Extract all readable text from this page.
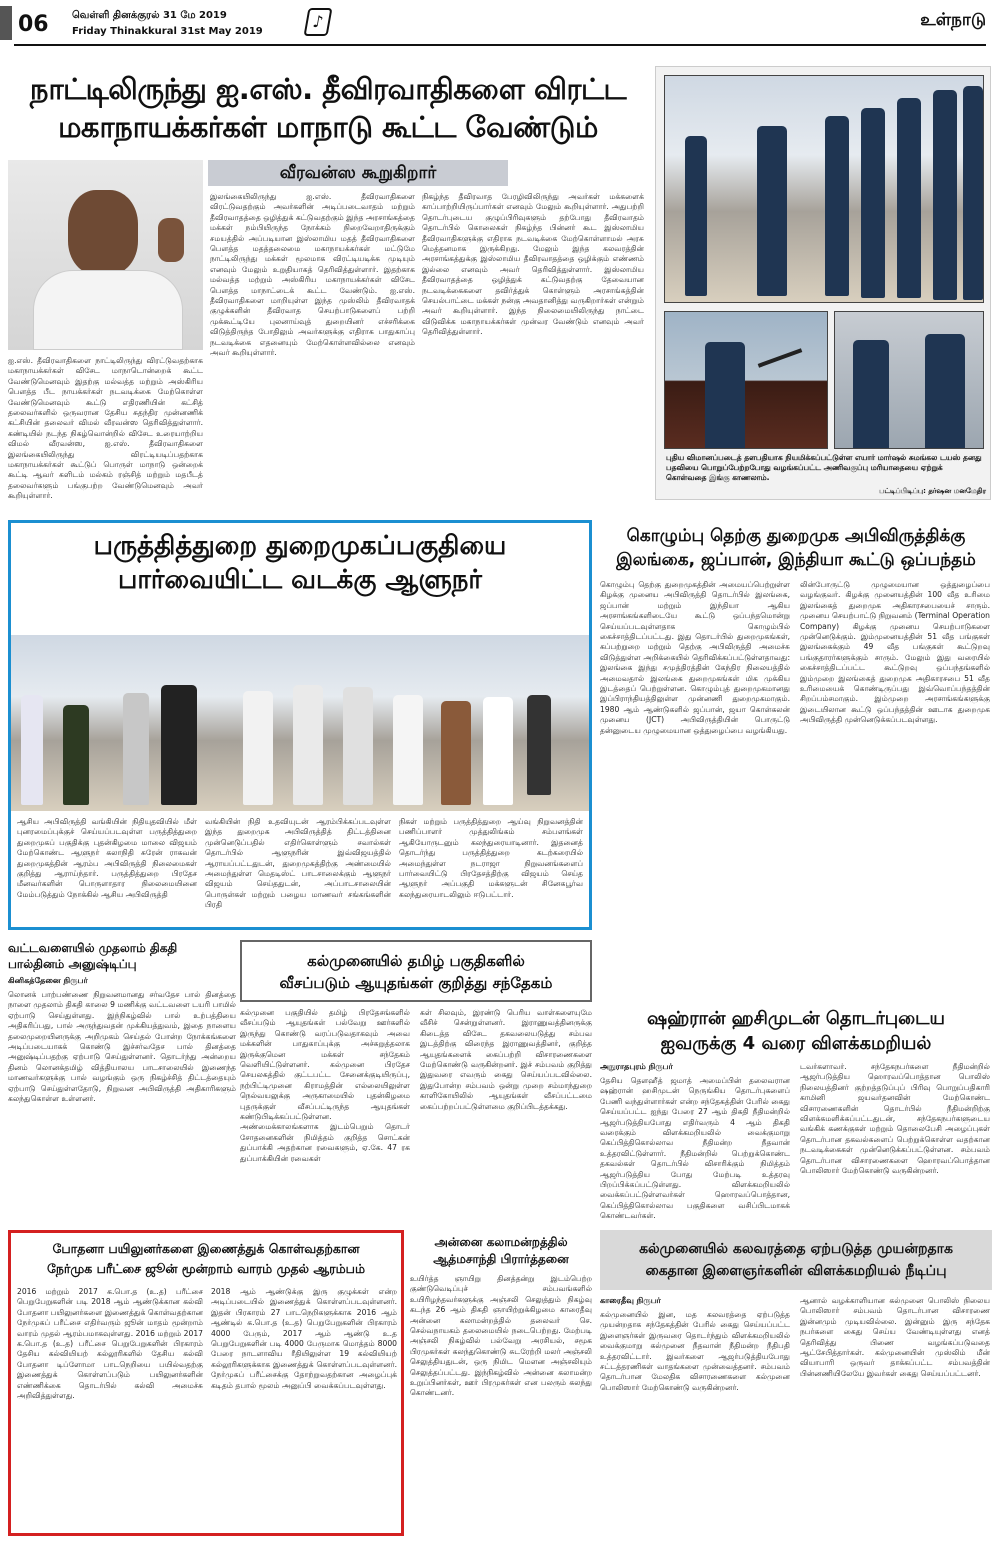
06 வெள்ளி தினக்குரல் 31 மே 2019
Friday Thinakkural 31st May 2019
♪	உள்நாடு
நாட்டிலிருந்து ஐ.எஸ். தீவிரவாதிகளை விரட்ட
மகாநாயக்கர்கள் மாநாடு கூட்ட வேண்டும்
வீரவன்ஸ கூறுகிறார்
ஐ.எஸ். தீவிரவாதிகளை நாட்டிலிருந்து விரட்டுவதற்காக மகாநாயக்கர்கள் விசேட மாநாடொன்றைக் கூட்ட வேண்டுமெனவும் இதற்கு மல்வத்த மற்றும் அஸ்கிரிய பௌத்த பீட நாயக்கர்கள் நடவடிக்கை மேற்கொள்ள வேண்டுமெனவும் கூட்டு எதிரணியின் கட்சித் தலைவர்களில் ஒருவரான தேசிய சுதந்திர முன்னணிக் கட்சியின் தலைவர் விமல் வீரவன்ஸ தெரிவித்துள்ளார். கண்டியில் நடந்த நிகழ்வொன்றில் விசேட உரையாற்றிய விமல் வீரவன்ஸ, ஐ.எஸ். தீவிரவாதிகளை இலங்கையிலிருந்து விரட்டியடிப்பதற்காக மகாநாயக்கர்கள் கூட்டுப் பொருள் மாநாடு ஒன்றைக் கூட்டி ஆவர் களிடம் மல்கம் ரஞ்சித் மற்றும் மதபீடத் தலைவர்களும் பங்குபற்ற வேண்டுமெனவும் அவர் கூறியுள்ளார்.
இலங்கையிலிருந்து ஐ.எஸ். தீவிரவாதிகளை விரட்டுவதற்கும் அவர்களின் அடிப்படைவாதம் மற்றும் தீவிரவாதத்தை ஒழித்துக் கட்டுவதற்கும் இந்த அரசாங்கத்தை மக்கள் நம்பியிருந்த நோக்கம் நிறைவேறாதிருக்கும் சமயத்தில் அப்படியான இஸ்லாமிய மதத் தீவிரவாதிகளை பௌத்த மதத்தலைமை மகாநாயக்கர்கள் மட்டுமே நாட்டிலிருந்து மக்கள் மூலமாக விரட்டியடிக்க முடியும் எனவும் மேலும் உறுதியாகத் தெரிவித்துள்ளார். இதற்காக மல்வத்த மற்றும் அஸ்கிரிய மகாநாயக்கர்கள் விசேட பௌத்த மாநாட்டைக் கூட்ட வேண்டும். ஐ.எஸ். தீவிரவாதிகளை மாறியுள்ள இந்த முஸ்லிம் தீவிரவாதக் குழுக்களின் தீவிரவாத செயற்பாடுகளைப் பற்றி முக்கூட்டியே புலனாய்வுத் துறையினர் எச்சரிக்கை விடுத்திருந்த போதிலும் அவர்களுக்கு எதிராக பாதுகாப்பு நடவடிக்கை எதனையும் மேற்கொள்ளவில்லை எனவும் அவர் கூறியுள்ளார்.
நிகழ்ந்த தீவிரவாத பேரழிவிலிருந்து அவர்கள் மக்களைக் காப்பாற்றியிருப்பார்கள் எனவும் மேலும் கூறியுள்ளார். அதுபற்றி தொடர்புடைய குழுப்பிரிவுகளும் தற்போது தீவிரவாதம் தொடர்பில் கொலைகள் நிகழ்ந்த பின்னர் கூட இஸ்லாமிய தீவிரவாதிகளுக்கு எதிராக நடவடிக்கை மேற்கொள்ளாமல் அரசு மெத்தனமாக இருக்கிறது. மேலும் இந்த கலவரத்தின் அரசாங்கத்துக்கு இஸ்லாமிய தீவிரவாதத்தை ஒழிக்கும் எண்ணம் இல்லை எனவும் அவர் தெரிவித்துள்ளார். இஸ்லாமிய தீவிரவாதத்தை ஒழித்துக் கட்டுவதற்கு தேவையான நடவடிக்கைகளை தவிர்த்துக் கொள்ளும் அரசாங்கத்தின் செயல்பாட்டை மக்கள் நன்கு அவதானித்து வருகிறார்கள் என்றும் அவர் கூறியுள்ளார். இந்த நிலைமையிலிருந்து நாட்டை விடுவிக்க மகாநாயக்கர்கள் முன்வர வேண்டும் எனவும் அவர் தெரிவித்துள்ளார்.
புதிய விமானப்படைத் தளபதியாக நியமிக்கப்பட்டுள்ள எயார் மார்ஷல் சுமங்கல டயஸ் தனது பதவியை பொறுப்பேற்றபோது வழங்கப்பட்ட அணிவகுப்பு மரியாதையை ஏற்றுக் கொள்வதை இங்கு காணலாம்.
பட்டிப்பிடிப்பு: தர்ஷன மனமேதிர
பருத்தித்துறை துறைமுகப்பகுதியை
பார்வையிட்ட வடக்கு ஆளுநர்
ஆசிய அபிவிருத்தி வங்கியின் நிதியுதவியில் மீள் புனரமைப்புக்குச் செய்யப்படவுள்ள பருத்தித்துறை துறைமுகப் பகுதிக்கு புதன்கிழமை மாலை விஜயம் மேற்கொண்ட ஆளுநர் கலாநிதி சுரேன் ராகவன் துறைமுகத்தின் ஆரம்ப அபிவிருத்தி நிலைமைகள் குறித்து ஆராய்ந்தார். பருத்தித்துறை பிரதேச மீனவர்களின் பொருளாதார நிலைமையினை மேம்படுத்தும் நோக்கில் ஆசிய அபிவிருத்தி
வங்கியின் நிதி உதவியுடன் ஆரம்பிக்கப்படவுள்ள இந்த துறைமுக அபிவிருத்தித் திட்டத்தினை முன்னெடுப்பதில் எதிர்கொள்ளும் சவால்கள் தொடர்பில் ஆளுநரின் இவ்விஜயத்தில் ஆராயப்பட்டதுடன், துறைமுகத்திற்கு அண்மையில் அமைந்துள்ள மெதடிஸ்ட் பாடசாலைக்கும் ஆளுநர் விஜயம் செய்ததுடன், அப்பாடசாலையின் பொருள்கள் மற்றும் பழைய மாணவர் சங்கங்களின் பிரதி
நிகள் மற்றும் பருத்தித்துறை ஆய்வு நிறுவனத்தின் பணிப்பாளர் முத்துலிங்கம் சம்பளங்கள் ஆகியோருடனும் கலந்துரையாடினார். இதனைத் தொடர்ந்து பருத்தித்துறை கடற்கரையில் அமைந்துள்ள நடராஜா நிறுவனங்களைப் பார்வையிட்டு பிரதேசத்திற்கு விஜயம் செய்த ஆளுநர் அப்பகுதி மக்களுடன் சினேகபூர்வ கலந்துரையாடலிலும் ஈடுபட்டார்.
கொழும்பு தெற்கு துறைமுக அபிவிருத்திக்கு
இலங்கை, ஜப்பான், இந்தியா கூட்டு ஒப்பந்தம்
கொழும்பு தெற்கு துறைமுகத்தின் அமையப்பெற்றுள்ள கிழக்கு முனைய அபிவிருத்தி தொடர்பில் இலங்கை, ஜப்பான் மற்றும் இந்தியா ஆகிய அரசாங்கங்களிடையே கூட்டு ஒப்பந்தமொன்று செய்யப்படவுள்ளதாக கொழும்பில் கைச்சாத்திடப்பட்டது. இது தொடர்பில் துறைமுகங்கள், கப்பற்றுறை மற்றும் தெற்கு அபிவிருத்தி அமைச்சு விடுத்துள்ள அறிக்கையில் தெரிவிக்கப்பட்டுள்ளதாவது: இலங்கை இந்து சமுத்திரத்தின் கேந்திர நிலையத்தில் அமைவதால் இலங்கை துறைமுகங்கள் மிக முக்கிய இடத்தைப் பெற்றுள்ளன. கொழும்புத் துறைமுகமானது இப்பிராந்தியத்திலுள்ள முன்னணி துறைமுகமாகும். 1980 ஆம் ஆண்டுகளில் ஜப்பான், ஜயா கொள்கலன் முனைய (JCT) அபிவிருத்தியின் பொருட்டு தன்னுடைய முழுமையான ஒத்துழைப்பை வழங்கியது.
லின்போருட்டு முழுமையான ஒத்துழைப்பை வழங்குவர். கிழக்கு முனையத்தின் 100 வீத உரிமை இலங்கைத் துறைமுக அதிகாரசபையைச் சாரும். முனைய செயற்பாட்டு நிறுவனம் (Terminal Operation Company) கிழக்கு முனைய செயற்பாடுகளை முன்னெடுக்கும். இம்முனையத்தின் 51 வீத பங்குகள் இலங்கைக்கும் 49 வீத பங்குகள் கூட்டுறவு பங்குதாரர்களுக்கும் சாரும். மேலும் இது வரையில் கைச்சாத்திடப்பட்ட கூட்டுறவு ஒப்பந்தங்களில் இம்முறை இலங்கைத் துறைமுக அதிகாரசபை 51 வீத உரிமையைக் கொண்டிருப்பது இவ்வொப்பந்தத்தின் சிறப்பம்சமாகும். இம்முறை அரசாங்கங்களுக்கு இடையிலான கூட்டு ஒப்பந்தத்தின் ஊடாக துறைமுக அபிவிருத்தி முன்னெடுக்கப்படவுள்ளது.
வட்டவளையில் முதலாம் திகதி
பால்தினம் அனுஷ்டிப்பு
கினிகத்தேனை நிருபர்
லொனக் பாற்பண்ணை நிறுவனமானது சர்வதேச பால் தினத்தை நாளை முதலாம் திகதி காலை 9 மணிக்கு வட்டவளை டயரி பாமில் ஏற்பாடு செய்துள்ளது. இந்நிகழ்வில் பால் உற்பத்தியை அதிகரிப்பது, பால் அருந்துவதன் முக்கியத்துவம், இதை நாளைய தலைமுறையினருக்கு அறிமுகம் செய்தல் போன்ற நோக்கங்களை அடிப்படையாகக் கொண்டு இச்சர்வதேச பால் தினத்தை அனுஷ்டிப்பதற்கு ஏற்பாடு செய்துள்ளனர். தொடர்ந்து அன்றைய தினம் லொனக்தமிழ் வித்தியாலய பாடசாலையில் இணைந்த மாணவர்களுக்கு பால் வழங்கும் ஒரு நிகழ்ச்சித் திட்டத்தையும் ஏற்பாடு செய்துள்ளதோடு, நிறுவன அபிவிருத்தி அதிகாரிகளும் கலந்துகொள்ள உள்ளனர்.
கல்முனையில் தமிழ் பகுதிகளில்
வீசப்படும் ஆயுதங்கள் குறித்து சந்தேகம்
கல்முனை பகுதியில் தமிழ் பிரதேசங்களில் வீசப்படும் ஆயுதங்கள் பல்வேறு ஊர்களில் இருந்து கொண்டு வரப்படுவதாகவும் அவை மக்களின் பாதுகாப்புக்கு அச்சுறுத்தலாக இருக்குமென மக்கள் சந்தேகம் வெளியிட்டுள்ளனர். கல்முனை பிரதேச செயலகத்தில் குட்டபட்ட சேனைக்குடியிருப்பு, நற்பிட்டிமுனை கிராமத்தின் எல்லையிலுள்ள நெல்வயலுக்கு அருகாமையில் புதன்கிழமை புதருக்குள் வீசப்பட்டிருந்த ஆயுதங்கள் கண்டுபிடிக்கப்பட்டுள்ளன. அண்மைக்காலங்களாக இடம்பெறும் தொடர் சோதனைகளின் நிமித்தம் குறித்த சொட்கன் துப்பாக்கி அதற்கான ரவைகளும், ஏ.கே. 47 ரக துப்பாக்கியின் ரவைகள்
கள் சிலவும், இரண்டு பெரிய வாள்களையுமே வீசிச் சென்றுள்ளனர். இராணுவத்தினருக்கு கிடைத்த விசேட தகவலையடுத்து சம்பவ இடத்திற்கு விரைந்த இராணுவத்தினர், குறித்த ஆயுதங்களைக் கைப்பற்றி விசாரணைகளை மேற்கொண்டு வருகின்றனர். இச் சம்பவம் குறித்து இதுவரை எவரும் கைது செய்யப்படவில்லை. இதுபோன்ற சம்பவம் ஒன்று முறை சம்மாந்துறை காளிகோயிலில் ஆயுதங்கள் வீசப்பட்டமை கைப்பற்றப்பட்டுள்ளமை குறிப்பிடத்தக்கது.
ஷஹ்ரான் ஹசிமுடன் தொடர்புடைய
ஐவருக்கு 4 வரை விளக்கமறியல்
அநுராதபுரம் நிருபர்
தேசிய தௌஹீத் ஜமாத் அமைப்பின் தலைவரான ஷஹ்ரான் ஹசிமுடன் நெருங்கிய தொடர்புகளைப் பேணி வந்துள்ளார்கள் என்ற சந்தேகத்தின் பேரில் கைது செய்யப்பட்ட ஐந்து பேரை 27 ஆம் திகதி நீதிமன்றில் ஆஜர்படுத்தியபோது எதிர்வரும் 4 ஆம் திகதி வரைக்கும் விளக்கமறியலில் வைக்குமாறு கெப்பித்திகொல்லாவ நீதிமன்ற நீதவான் உத்தரவிட்டுள்ளார். நீதிமன்றில் பெற்றுக்கொண்ட தகவல்கள் தொடர்பில் விசாரிக்கும் நிமித்தம் ஆஜர்படுத்திய போது மேற்படி உத்தரவு பிறப்பிக்கப்பட்டுள்ளது. விளக்கமறியலில் வைக்கப்பட்டுள்ளவர்கள் ஹொரவப்பொத்தான, கெப்பித்திகொல்லாவ பகுதிகளை வசிப்பிடமாகக் கொண்டவர்கள்.
டவர்களாவர். சந்தேகநபர்களை நீதிமன்றில் ஆஜர்படுத்திய ஹொரவப்பொத்தான பொலிஸ் நிலையத்தினர் குற்றத்தடுப்புப் பிரிவு பொறுப்பதிகாரி காமினி ஜயவர்தனவின் மேற்கொண்ட விசாரணைகளின் தொடர்பில் நீதிமன்றிற்கு விளக்கமளிக்கப்பட்டதுடன், சந்தேகநபர்களுடைய வங்கிக் கணக்குகள் மற்றும் தொலைபேசி அழைப்புகள் தொடர்பான தகவல்களைப் பெற்றுக்கொள்ள வதற்கான நடவடிக்கைகள் முன்னெடுக்கப்பட்டுள்ளன. சம்பவம் தொடர்பான விசாரணைகளை ஹொரவப்பொத்தான பொலிஸார் மேற்கொண்டு வருகின்றனர்.
போதனா பயிலுனர்களை இணைத்துக் கொள்வதற்கான
நேர்முக பரீட்சை ஜூன் மூன்றாம் வாரம் முதல் ஆரம்பம்
2016 மற்றும் 2017 க.பொ.த (உ.த) பரீட்சை பெறுபேறுகளின் படி 2018 ஆம் ஆண்டுக்கான கல்வி போதனா பயிலுனர்களை இணைத்துக் கொள்வதற்கான நேர்முகப் பரீட்சை எதிர்வரும் ஜூன் மாதம் மூன்றாம் வாரம் முதல் ஆரம்பமாகவுள்ளது. 2016 மற்றும் 2017 க.பொ.த (உ.த) பரீட்சை பெறுபேறுகளின் பிரகாரம் தேசிய கல்வியியற் கல்லூரிகளில் தேசிய கல்வி போதனா டிப்ளோமா பாடநெறியை பயில்வதற்கு இணைத்துக் கொள்ளப்படும் பயிலுனர்களின் எண்ணிக்கை தொடர்பில் கல்வி அமைச்சு அறிவித்துள்ளது.
2018 ஆம் ஆண்டுக்கு இரு குழுக்கள் என்ற அடிப்படையில் இணைத்துக் கொள்ளப்படவுள்ளனர். இதன் பிரகாரம் 27 பாடநெறிகளுக்காக 2016 ஆம் ஆண்டில் க.பொ.த (உ.த) பெறுபேறுகளின் பிரகாரம் 4000 பேரும், 2017 ஆம் ஆண்டு உ.த பெறுபேறுகளின் படி 4000 பேருமாக மொத்தம் 8000 பேரை நாடளாவிய ரீதியிலுள்ள 19 கல்வியியற் கல்லூரிகளுக்காக இணைத்துக் கொள்ளப்படவுள்ளனர். நேர்முகப் பரீட்சைக்கு தோற்றுவதற்கான அழைப்புக் கடிதம் தபால் மூலம் அனுப்பி வைக்கப்படவுள்ளது.
அன்னை கலாமன்றத்தில்
ஆத்மசாந்தி பிரார்த்தனை
உயிர்த்த ஞாயிறு தினத்தன்று இடம்பெற்ற குண்டுவெடிப்புச் சம்பவங்களில் உயிரிழந்தவர்களுக்கு அஞ்சலி செலுத்தும் நிகழ்வு கடந்த 26 ஆம் திகதி ஞாயிற்றுக்கிழமை காரைதீவு அன்னை கலாமன்றத்தில் தலைவர் செ. செல்வநாயகம் தலைமையில் நடைபெற்றது. மேற்படி அஞ்சலி நிகழ்வில் பல்வேறு அரசியல், சமூக பிரமுகர்கள் கலந்துகொண்டு சுடரேற்றி மலர் அஞ்சலி செலுத்தியதுடன், ஒரு நிமிட மௌன அஞ்சலியும் செலுத்தப்பட்டது. இந்நிகழ்வில் அன்னை கலாமன்ற உறுப்பினர்கள், ஊர் பிரமுகர்கள் என பலரும் கலந்து கொண்டனர்.
கல்முனையில் கலவரத்தை ஏற்படுத்த முயன்றதாக
கைதான இளைஞர்களின் விளக்கமறியல் நீடிப்பு
காரைதீவு நிருபர்
கல்முனையில் இன, மத கலவரத்தை ஏற்படுத்த முயன்றதாக சந்தேகத்தின் பேரில் கைது செய்யப்பட்ட இளைஞர்கள் இருவரை தொடர்ந்தும் விளக்கமறியலில் வைக்குமாறு கல்முனை நீதவான் நீதிமன்ற நீதிபதி உத்தரவிட்டார். இவர்களை ஆஜர்படுத்தியபோது சட்டத்தரணிகள் வாதங்களை முன்வைத்தனர். சம்பவம் தொடர்பான மேலதிக விசாரணைகளை கல்முனை பொலிஸார் மேற்கொண்டு வருகின்றனர்.
ஆனால் வழக்காளியான கல்முனை பொலிஸ் நிலைய பொலிஸார் சம்பவம் தொடர்பான விசாரணை இன்னமும் முடியவில்லை. இன்னும் இரு சந்தேக நபர்களை கைது செய்ய வேண்டியுள்ளது எனத் தெரிவித்து பிணை வழங்கப்படுவதை ஆட்சேபித்தார்கள். கல்முனையின் முஸ்லிம் மீன் வியாபாரி ஒருவர் தாக்கப்பட்ட சம்பவத்தின் பின்னணியிலேயே இவர்கள் கைது செய்யப்பட்டனர்.
